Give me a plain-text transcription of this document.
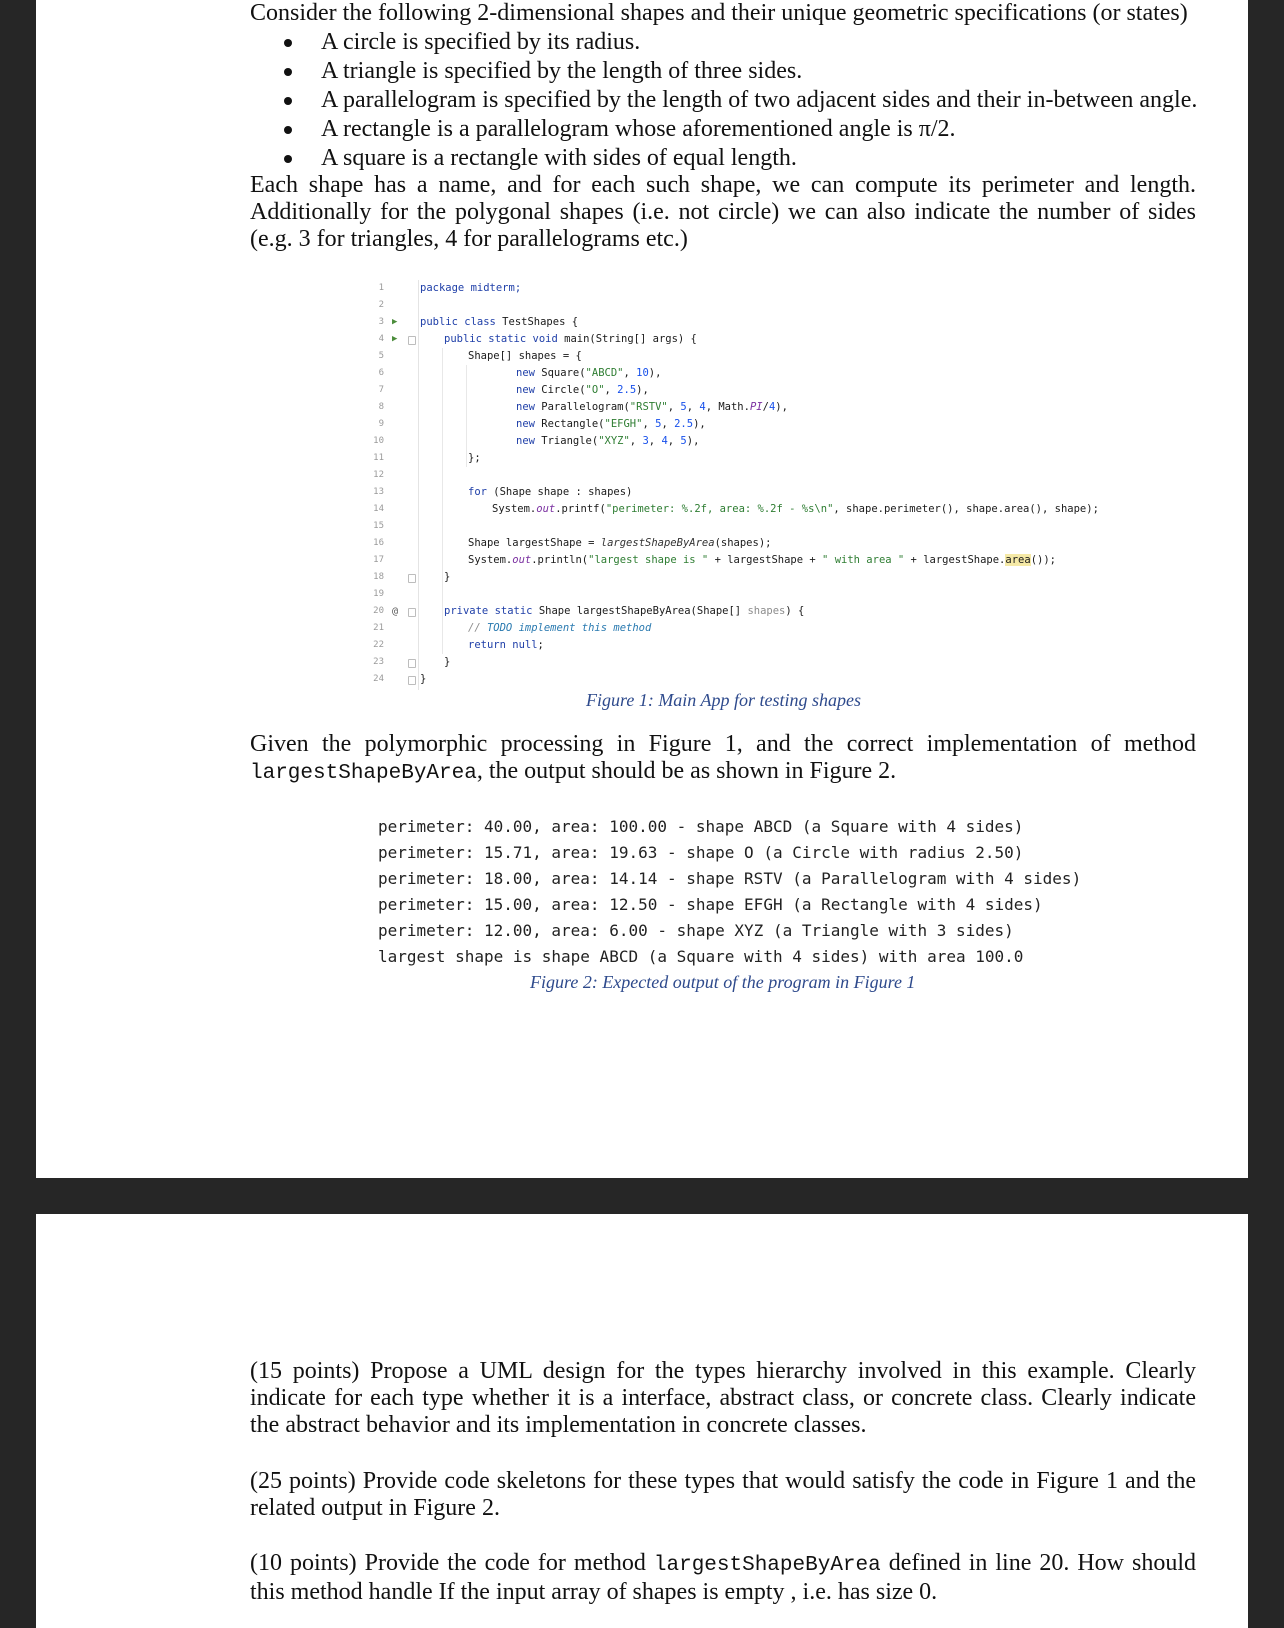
Consider the following 2-dimensional shapes and their unique geometric specifications (or states)

A circle is specified by its radius.
A triangle is specified by the length of three sides.
A parallelogram is specified by the length of two adjacent sides and their in-between angle.
A rectangle is a parallelogram whose aforementioned angle is π/2.
A square is a rectangle with sides of equal length.

Each shape has a name, and for each such shape, we can compute its perimeter and length. Additionally for the polygonal shapes (i.e. not circle) we can also indicate the number of sides (e.g. 3 for triangles, 4 for parallelograms etc.)

1
2
3
4
5
6
7
8
9
10
11
12
13
14
15
16
17
18
19
20
21
22
23
24
▶
▶
@
package midterm;
public class TestShapes {
public static void main(String[] args) {
Shape[] shapes = {
new Square("ABCD", 10),
new Circle("O", 2.5),
new Parallelogram("RSTV", 5, 4, Math.PI/4),
new Rectangle("EFGH", 5, 2.5),
new Triangle("XYZ", 3, 4, 5),
};
for (Shape shape : shapes)
System.out.printf("perimeter: %.2f, area: %.2f - %s\n", shape.perimeter(), shape.area(), shape);
Shape largestShape = largestShapeByArea(shapes);
System.out.println("largest shape is " + largestShape + " with area " + largestShape.area());
}
private static Shape largestShapeByArea(Shape[] shapes) {
// TODO implement this method
return null;
}
}
Figure 1: Main App for testing shapes

Given the polymorphic processing in Figure 1, and the correct implementation of method largestShapeByArea, the output should be as shown in Figure 2.

perimeter: 40.00, area: 100.00 - shape ABCD (a Square with 4 sides)
perimeter: 15.71, area: 19.63 - shape O (a Circle with radius 2.50)
perimeter: 18.00, area: 14.14 - shape RSTV (a Parallelogram with 4 sides)
perimeter: 15.00, area: 12.50 - shape EFGH (a Rectangle with 4 sides)
perimeter: 12.00, area: 6.00 - shape XYZ (a Triangle with 3 sides)
largest shape is shape ABCD (a Square with 4 sides) with area 100.0
Figure 2: Expected output of the program in Figure 1

(15 points) Propose a UML design for the types hierarchy involved in this example. Clearly indicate for each type whether it is a interface, abstract class, or concrete class. Clearly indicate the abstract behavior and its implementation in concrete classes.

(25 points) Provide code skeletons for these types that would satisfy the code in Figure 1 and the related output in Figure 2.

(10 points) Provide the code for method largestShapeByArea defined in line 20. How should this method handle If the input array of shapes is empty , i.e. has size 0.
